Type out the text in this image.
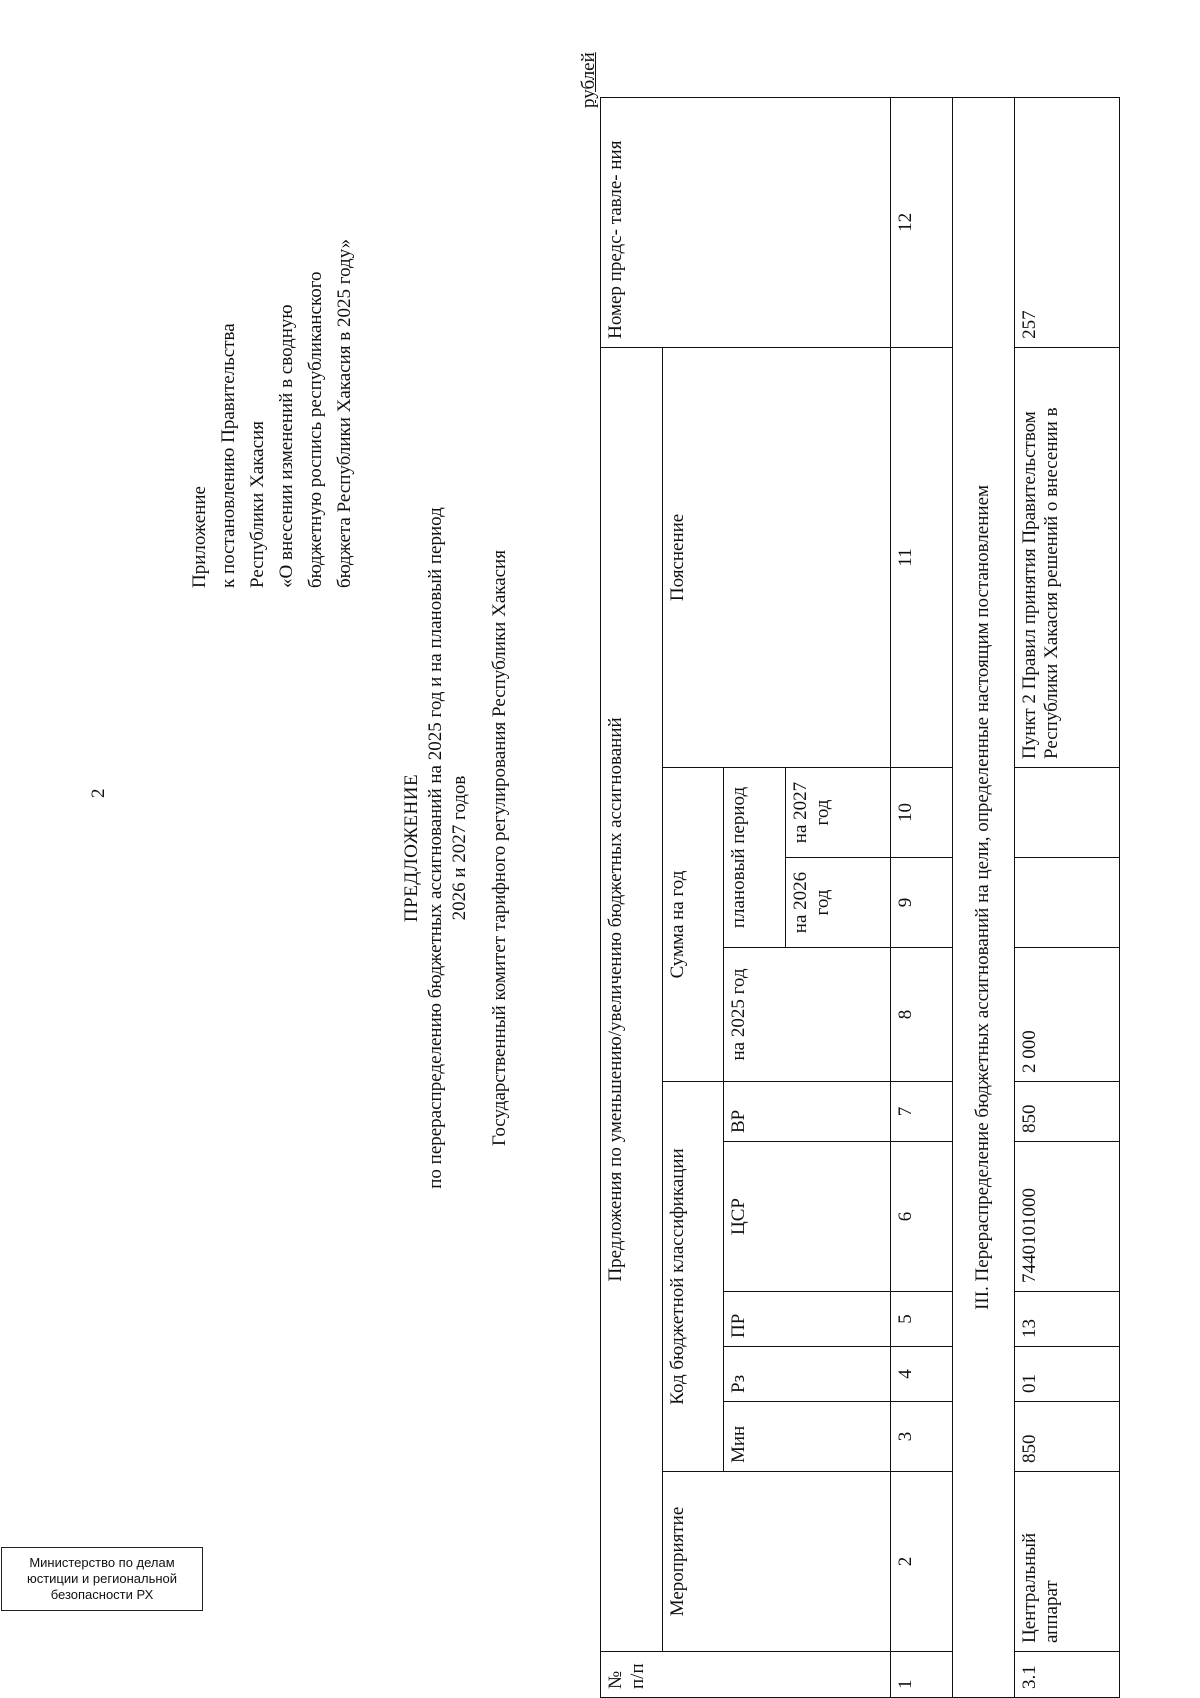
Министерство по делам
юстиции и региональной
безопасности РХ
2
Приложение к постановлению Правительства Республики Хакасия «О внесении изменений в сводную бюджетную роспись республиканского бюджета Республики Хакасия в 2025 году»
ПРЕДЛОЖЕНИЕ по перераспределению бюджетных ассигнований на 2025 год и на плановый период 2026 и 2027 годов Государственный комитет тарифного регулирования Республики Хакасия
рублей
№ п/п	Предложения по уменьшению/увеличению бюджетных ассигнований										Номер предс- тавле- ния
	Мероприятие	Код бюджетной классификации					Сумма на год			Пояснение	
		Мин	Рз	ПР	ЦСР	ВР	на 2025 год	плановый период			
								на 2026 год	на 2027 год		
1	2	3	4	5	6	7	8	9	10	11	12
III. Перераспределение бюджетных ассигнований на цели, определенные настоящим постановлением											
3.1	Центральный аппарат	850	01	13	7440101000	850	2 000			Пункт 2 Правил принятия Правительством Республики Хакасия решений о внесении в	257
